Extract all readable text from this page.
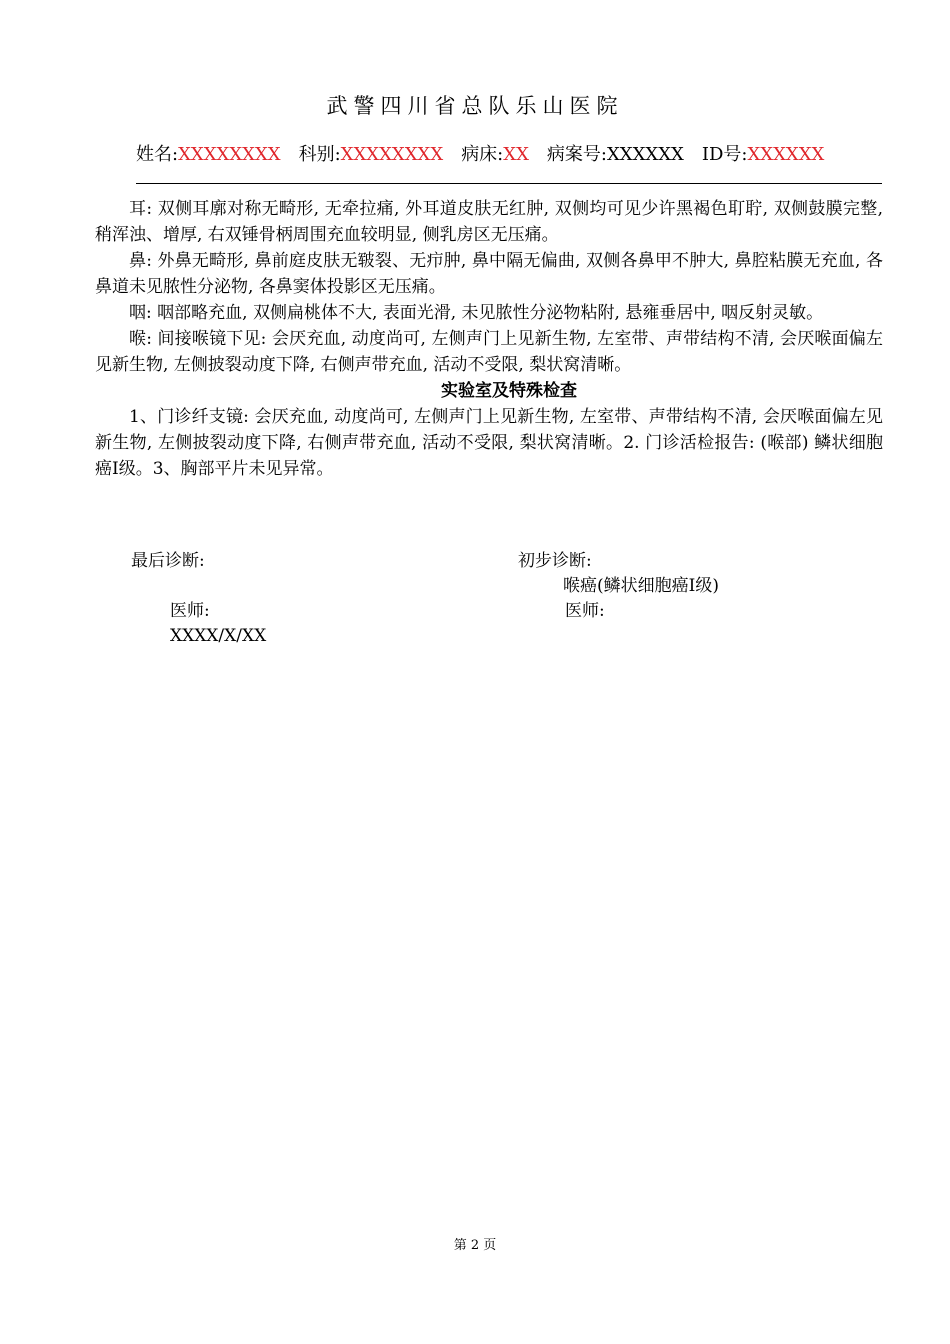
武警四川省总队乐山医院
姓名:XXXXXXXX 科别:XXXXXXXX 病床:XX 病案号:XXXXXX ID号:XXXXXX

耳: 双侧耳廓对称无畸形, 无牵拉痛, 外耳道皮肤无红肿, 双侧均可见少许黑褐色耵聍, 双侧鼓膜完整, 稍浑浊、增厚, 右双锤骨柄周围充血较明显, 侧乳房区无压痛。

鼻: 外鼻无畸形, 鼻前庭皮肤无皲裂、无疖肿, 鼻中隔无偏曲, 双侧各鼻甲不肿大, 鼻腔粘膜无充血, 各鼻道未见脓性分泌物, 各鼻窦体投影区无压痛。

咽: 咽部略充血, 双侧扁桃体不大, 表面光滑, 未见脓性分泌物粘附, 悬雍垂居中, 咽反射灵敏。

喉: 间接喉镜下见: 会厌充血, 动度尚可, 左侧声门上见新生物, 左室带、声带结构不清, 会厌喉面偏左见新生物, 左侧披裂动度下降, 右侧声带充血, 活动不受限, 梨状窝清晰。

实验室及特殊检查

1、门诊纤支镜: 会厌充血, 动度尚可, 左侧声门上见新生物, 左室带、声带结构不清, 会厌喉面偏左见新生物, 左侧披裂动度下降, 右侧声带充血, 活动不受限, 梨状窝清晰。2. 门诊活检报告: (喉部) 鳞状细胞癌Ⅰ级。3、胸部平片未见异常。

最后诊断:	初步诊断:
喉癌(鳞状细胞癌Ⅰ级)
医师:	医师:
XXXX/X/XX
第 2 页
